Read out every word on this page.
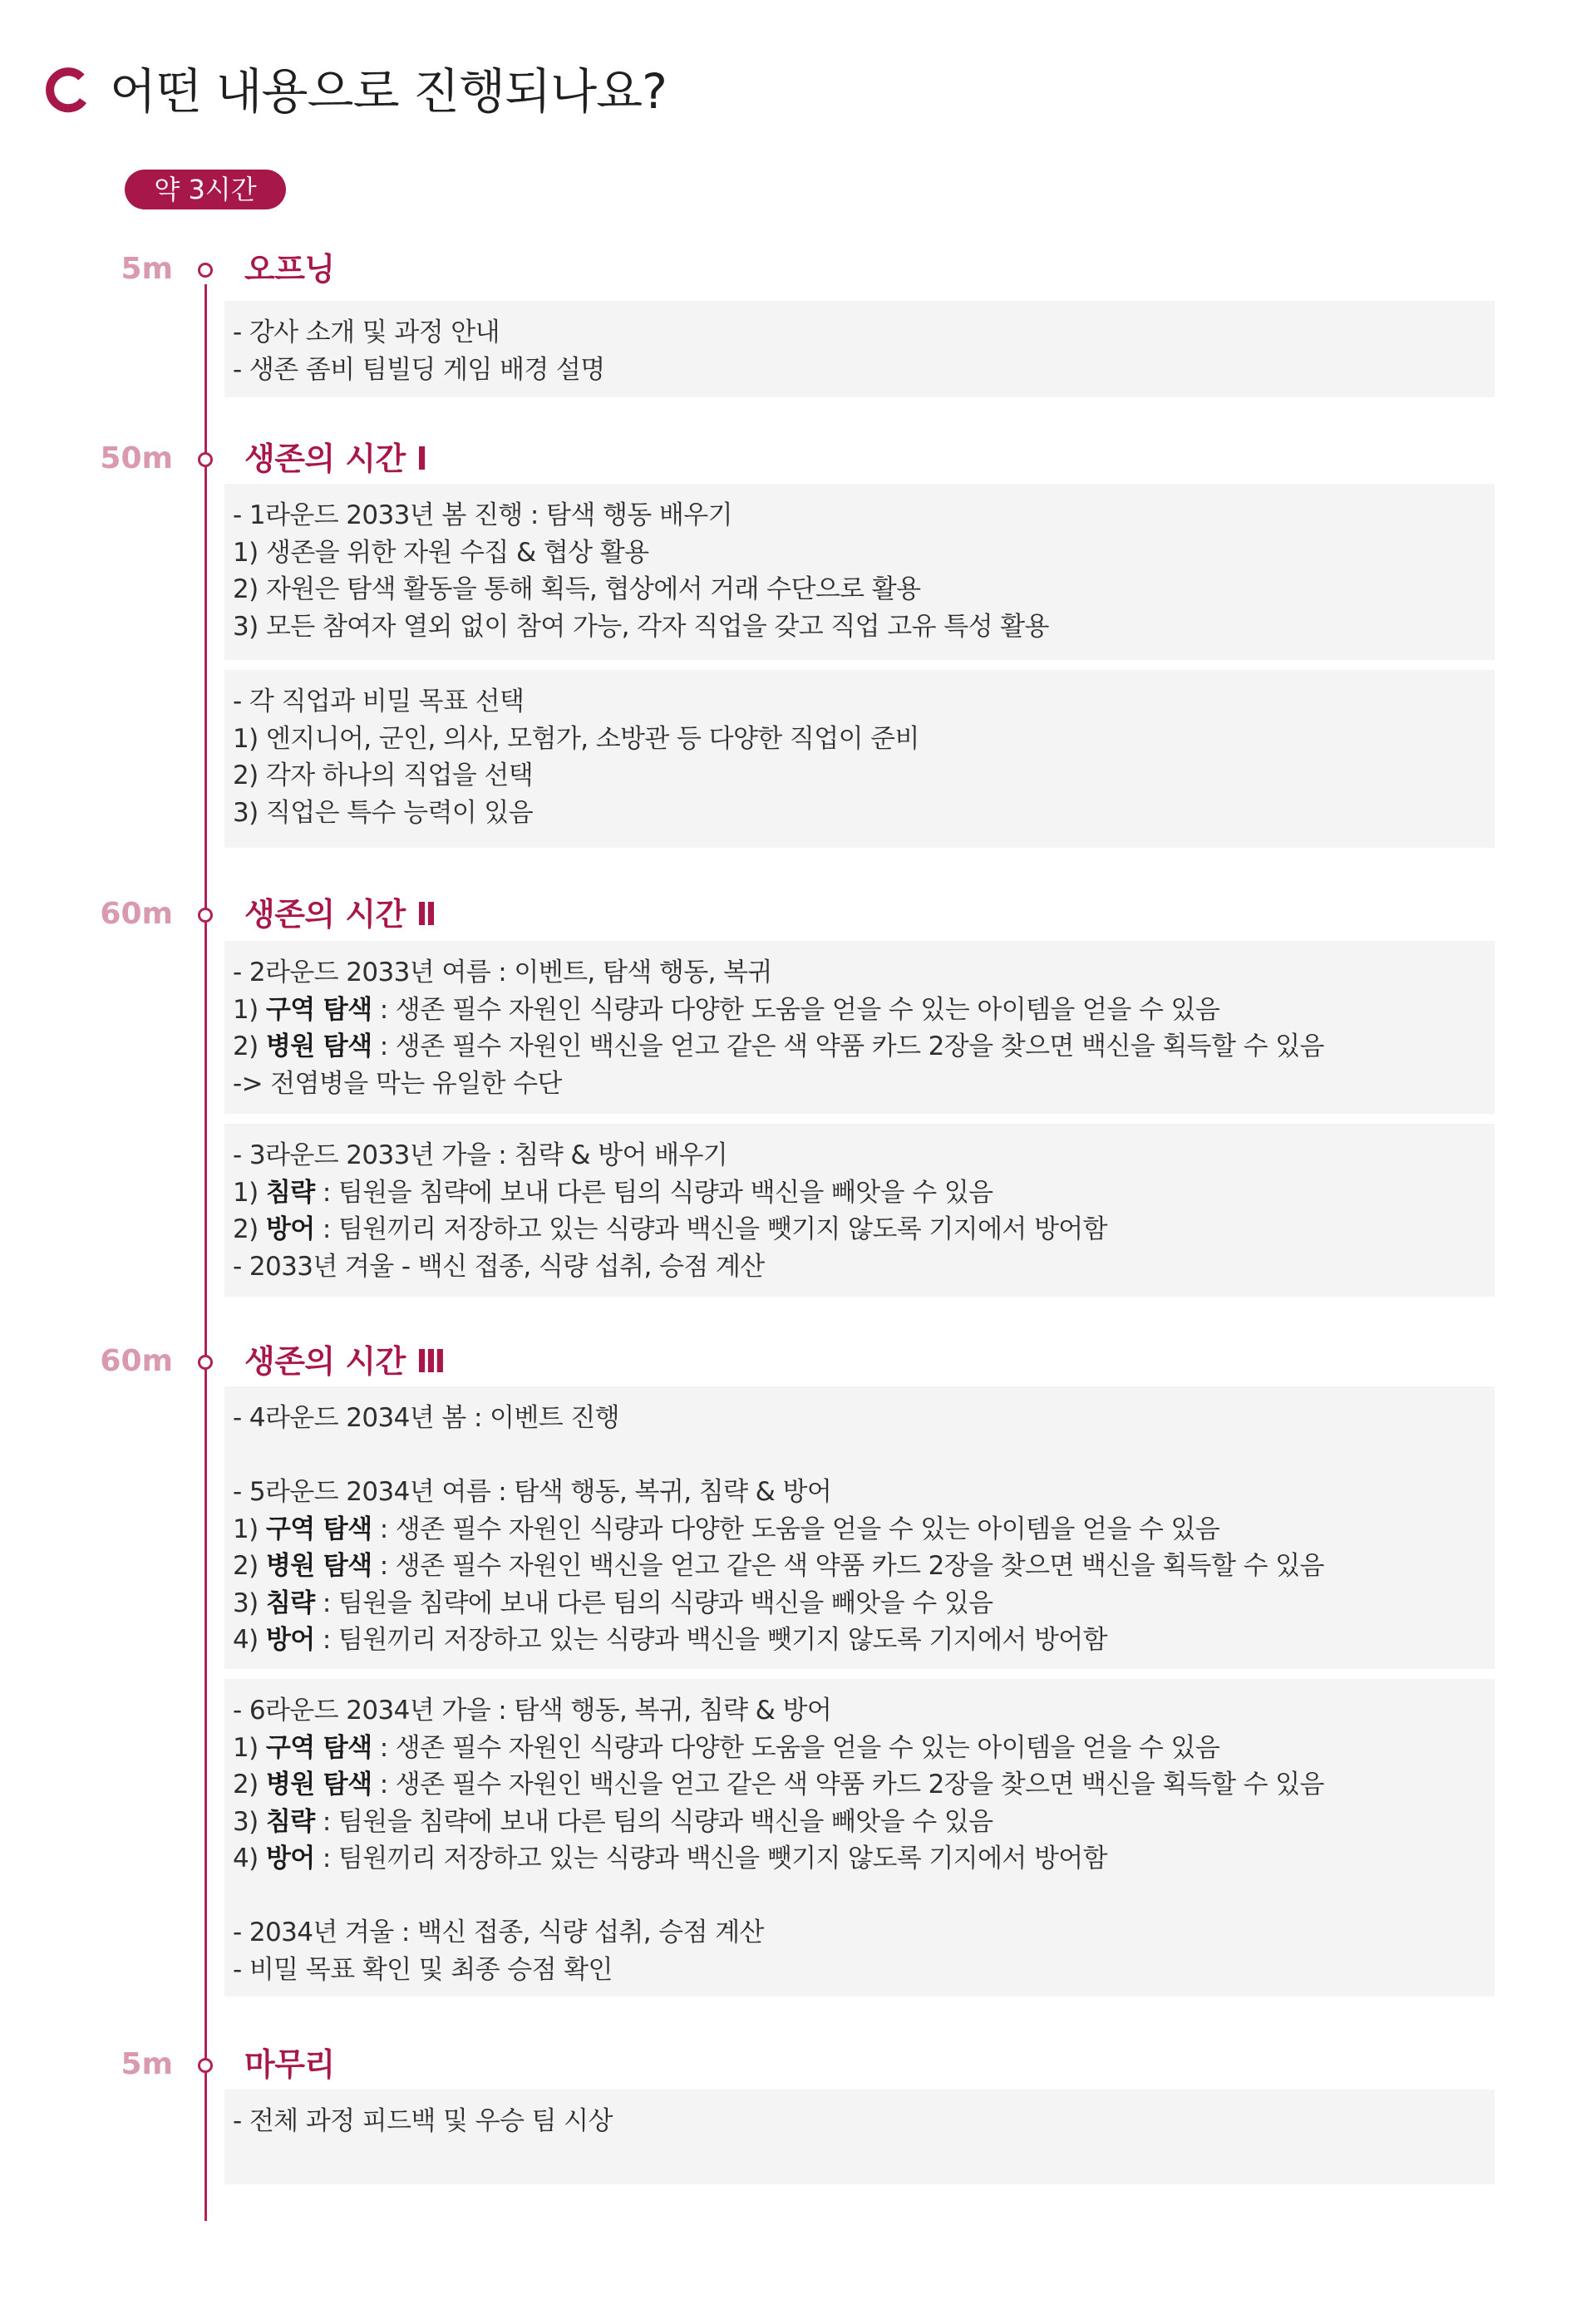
어떤 내용으로 진행되나요?
약 3시간
5m 오프닝
- 강사 소개 및 과정 안내
- 생존 좀비 팀빌딩 게임 배경 설명
50m 생존의 시간 Ⅰ
- 1라운드 2033년 봄 진행 : 탐색 행동 배우기
1) 생존을 위한 자원 수집 & 협상 활용
2) 자원은 탐색 활동을 통해 획득, 협상에서 거래 수단으로 활용
3) 모든 참여자 열외 없이 참여 가능, 각자 직업을 갖고 직업 고유 특성 활용
- 각 직업과 비밀 목표 선택
1) 엔지니어, 군인, 의사, 모험가, 소방관 등 다양한 직업이 준비
2) 각자 하나의 직업을 선택
3) 직업은 특수 능력이 있음
60m 생존의 시간 Ⅱ
- 2라운드 2033년 여름 : 이벤트, 탐색 행동, 복귀
1) 구역 탐색 : 생존 필수 자원인 식량과 다양한 도움을 얻을 수 있는 아이템을 얻을 수 있음
2) 병원 탐색 : 생존 필수 자원인 백신을 얻고 같은 색 약품 카드 2장을 찾으면 백신을 획득할 수 있음
-> 전염병을 막는 유일한 수단
- 3라운드 2033년 가을 : 침략 & 방어 배우기
1) 침략 : 팀원을 침략에 보내 다른 팀의 식량과 백신을 빼앗을 수 있음
2) 방어 : 팀원끼리 저장하고 있는 식량과 백신을 뺏기지 않도록 기지에서 방어함
- 2033년 겨울 - 백신 접종, 식량 섭취, 승점 계산
60m 생존의 시간 Ⅲ
- 4라운드 2034년 봄 : 이벤트 진행
- 5라운드 2034년 여름 : 탐색 행동, 복귀, 침략 & 방어
1) 구역 탐색 : 생존 필수 자원인 식량과 다양한 도움을 얻을 수 있는 아이템을 얻을 수 있음
2) 병원 탐색 : 생존 필수 자원인 백신을 얻고 같은 색 약품 카드 2장을 찾으면 백신을 획득할 수 있음
3) 침략 : 팀원을 침략에 보내 다른 팀의 식량과 백신을 빼앗을 수 있음
4) 방어 : 팀원끼리 저장하고 있는 식량과 백신을 뺏기지 않도록 기지에서 방어함
- 6라운드 2034년 가을 : 탐색 행동, 복귀, 침략 & 방어
1) 구역 탐색 : 생존 필수 자원인 식량과 다양한 도움을 얻을 수 있는 아이템을 얻을 수 있음
2) 병원 탐색 : 생존 필수 자원인 백신을 얻고 같은 색 약품 카드 2장을 찾으면 백신을 획득할 수 있음
3) 침략 : 팀원을 침략에 보내 다른 팀의 식량과 백신을 빼앗을 수 있음
4) 방어 : 팀원끼리 저장하고 있는 식량과 백신을 뺏기지 않도록 기지에서 방어함
- 2034년 겨울 : 백신 접종, 식량 섭취, 승점 계산
- 비밀 목표 확인 및 최종 승점 확인
5m 마무리
- 전체 과정 피드백 및 우승 팀 시상
